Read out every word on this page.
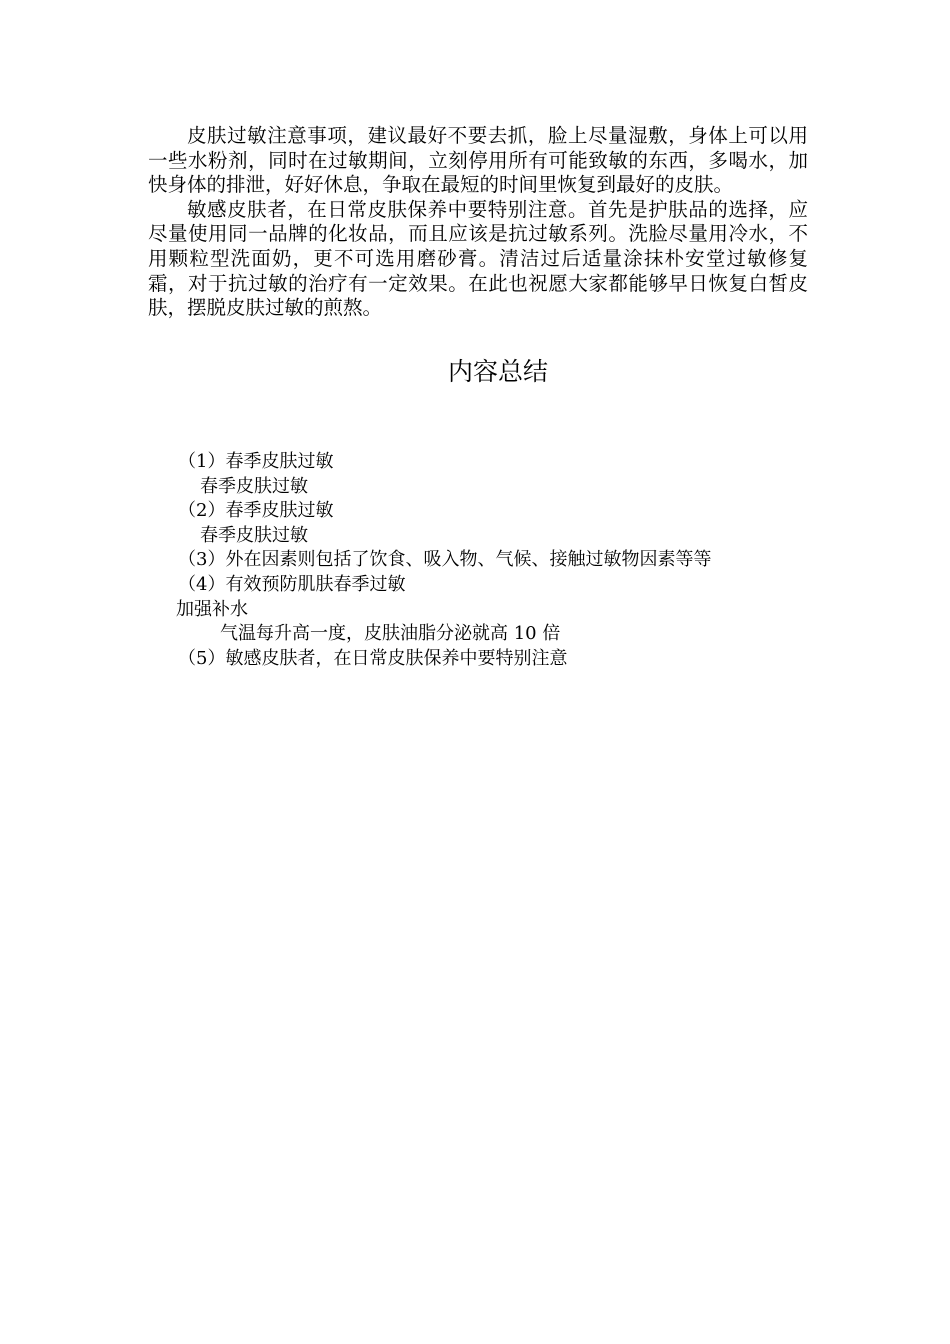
皮肤过敏注意事项，建议最好不要去抓，脸上尽量湿敷，身体上可以用一些水粉剂，同时在过敏期间，立刻停用所有可能致敏的东西，多喝水，加快身体的排泄，好好休息，争取在最短的时间里恢复到最好的皮肤。

敏感皮肤者，在日常皮肤保养中要特别注意。首先是护肤品的选择，应尽量使用同一品牌的化妆品，而且应该是抗过敏系列。洗脸尽量用冷水，不用颗粒型洗面奶，更不可选用磨砂膏。清洁过后适量涂抹朴安堂过敏修复霜，对于抗过敏的治疗有一定效果。在此也祝愿大家都能够早日恢复白皙皮肤，摆脱皮肤过敏的煎熬。

内容总结

（1）春季皮肤过敏

春季皮肤过敏

（2）春季皮肤过敏

春季皮肤过敏

（3）外在因素则包括了饮食、吸入物、气候、接触过敏物因素等等

（4）有效预防肌肤春季过敏

加强补水

气温每升高一度，皮肤油脂分泌就高 10 倍

（5）敏感皮肤者，在日常皮肤保养中要特别注意
